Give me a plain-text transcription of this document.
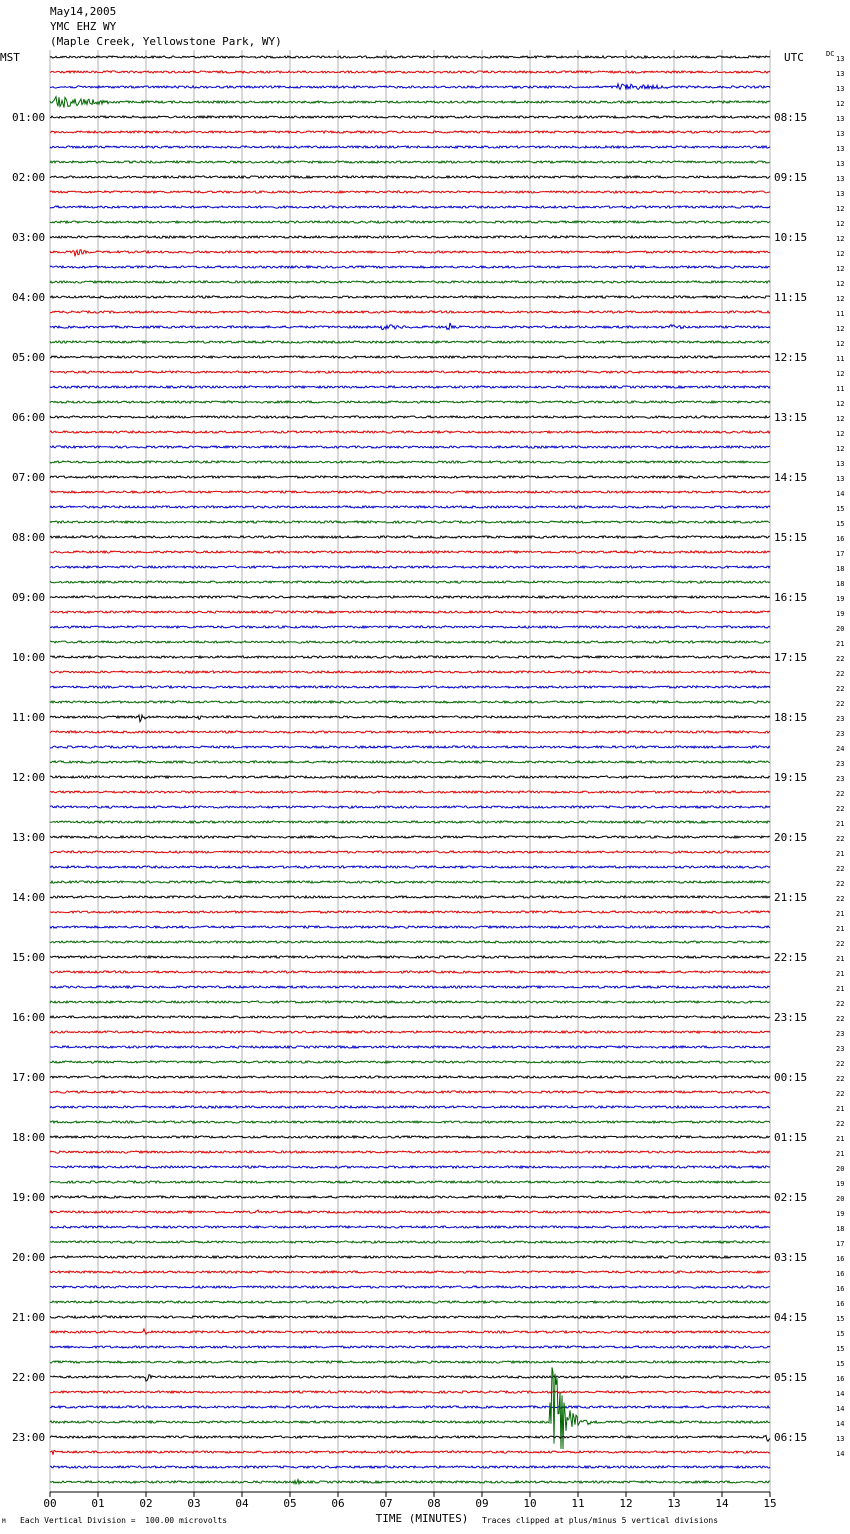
May14,2005
YMC EHZ WY
(Maple Creek, Yellowstone Park, WY)
MST	UTC	DC
01:00
02:00
03:00
04:00
05:00
06:00
07:00
08:00
09:00
10:00
11:00
12:00
13:00
14:00
15:00
16:00
17:00
18:00
19:00
20:00
21:00
22:00
23:00
08:15
09:15
10:15
11:15
12:15
13:15
14:15
15:15
16:15
17:15
18:15
19:15
20:15
21:15
22:15
23:15
00:15
01:15
02:15
03:15
04:15
05:15
06:15
13
13
13
12
13
13
13
13
13
13
12
12
12
12
12
12
12
11
12
12
11
12
11
12
12
12
12
13
13
14
15
15
16
17
18
18
19
19
20
21
22
22
22
22
23
23
24
23
23
22
22
21
22
21
22
22
22
21
21
22
21
21
21
22
22
23
23
22
22
22
21
22
21
21
20
19
20
19
18
17
16
16
16
16
15
15
15
15
16
14
14
14
13
14
00	01	02	03	04	05	06	07	08	09	10	11	12	13	14	15
TIME (MINUTES)
M Each Vertical Division =  100.00 microvolts	Traces clipped at plus/minus 5 vertical divisions
